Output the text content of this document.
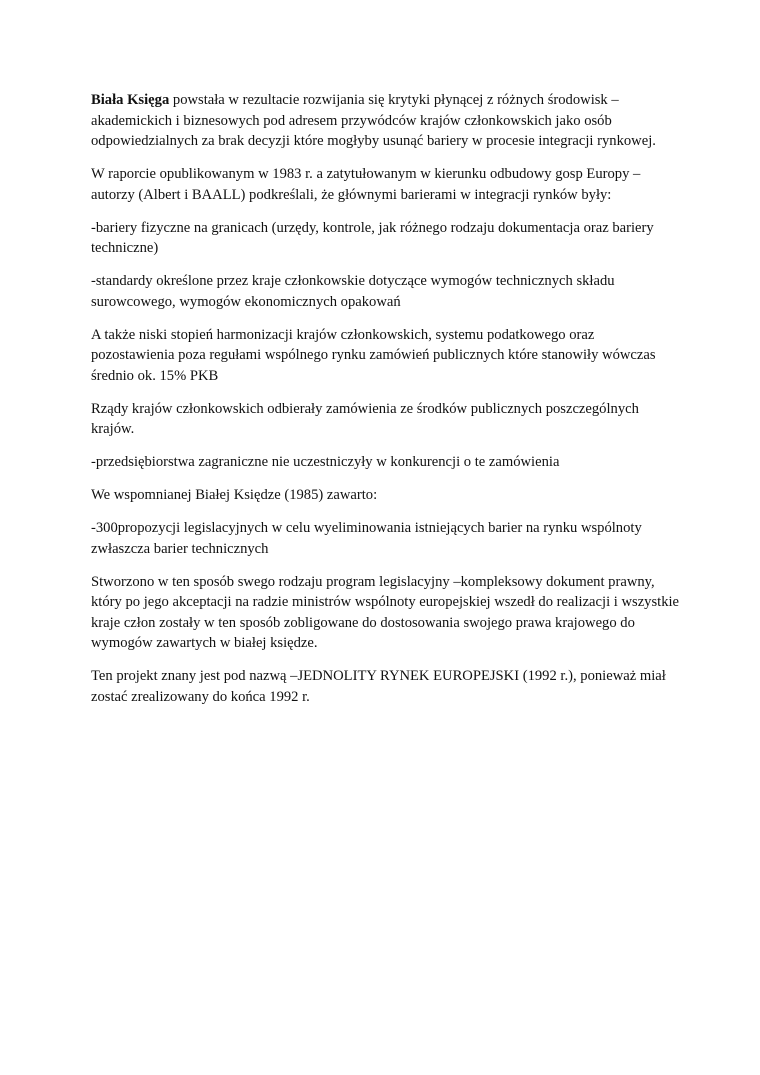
Biała Księga powstała w rezultacie rozwijania się krytyki płynącej z różnych środowisk –akademickich i biznesowych pod adresem przywódców krajów członkowskich jako osób odpowiedzialnych za brak decyzji które mogłyby usunąć bariery w procesie integracji rynkowej.

W raporcie opublikowanym w 1983 r. a zatytułowanym w kierunku odbudowy gosp Europy –autorzy (Albert i BAALL) podkreślali, że głównymi barierami w integracji rynków były:

-bariery fizyczne na granicach (urzędy, kontrole, jak różnego rodzaju dokumentacja oraz bariery techniczne)

-standardy określone przez kraje członkowskie dotyczące wymogów technicznych składu surowcowego, wymogów ekonomicznych opakowań

A także niski stopień harmonizacji krajów członkowskich, systemu podatkowego oraz pozostawienia poza regułami wspólnego rynku zamówień publicznych które stanowiły wówczas średnio ok. 15% PKB

Rządy krajów członkowskich odbierały zamówienia ze środków publicznych poszczególnych krajów.

-przedsiębiorstwa zagraniczne nie uczestniczyły w konkurencji o te zamówienia

We wspomnianej Białej Księdze (1985) zawarto:

-300propozycji legislacyjnych w celu wyeliminowania istniejących barier na rynku wspólnoty zwłaszcza barier technicznych

Stworzono w ten sposób swego rodzaju program legislacyjny –kompleksowy dokument prawny, który po jego akceptacji na radzie ministrów wspólnoty europejskiej wszedł do realizacji i wszystkie kraje człon zostały w ten sposób zobligowane do dostosowania swojego prawa krajowego do wymogów zawartych w białej księdze.

Ten projekt znany jest pod nazwą –JEDNOLITY RYNEK EUROPEJSKI (1992 r.), ponieważ miał zostać zrealizowany do końca 1992 r.
